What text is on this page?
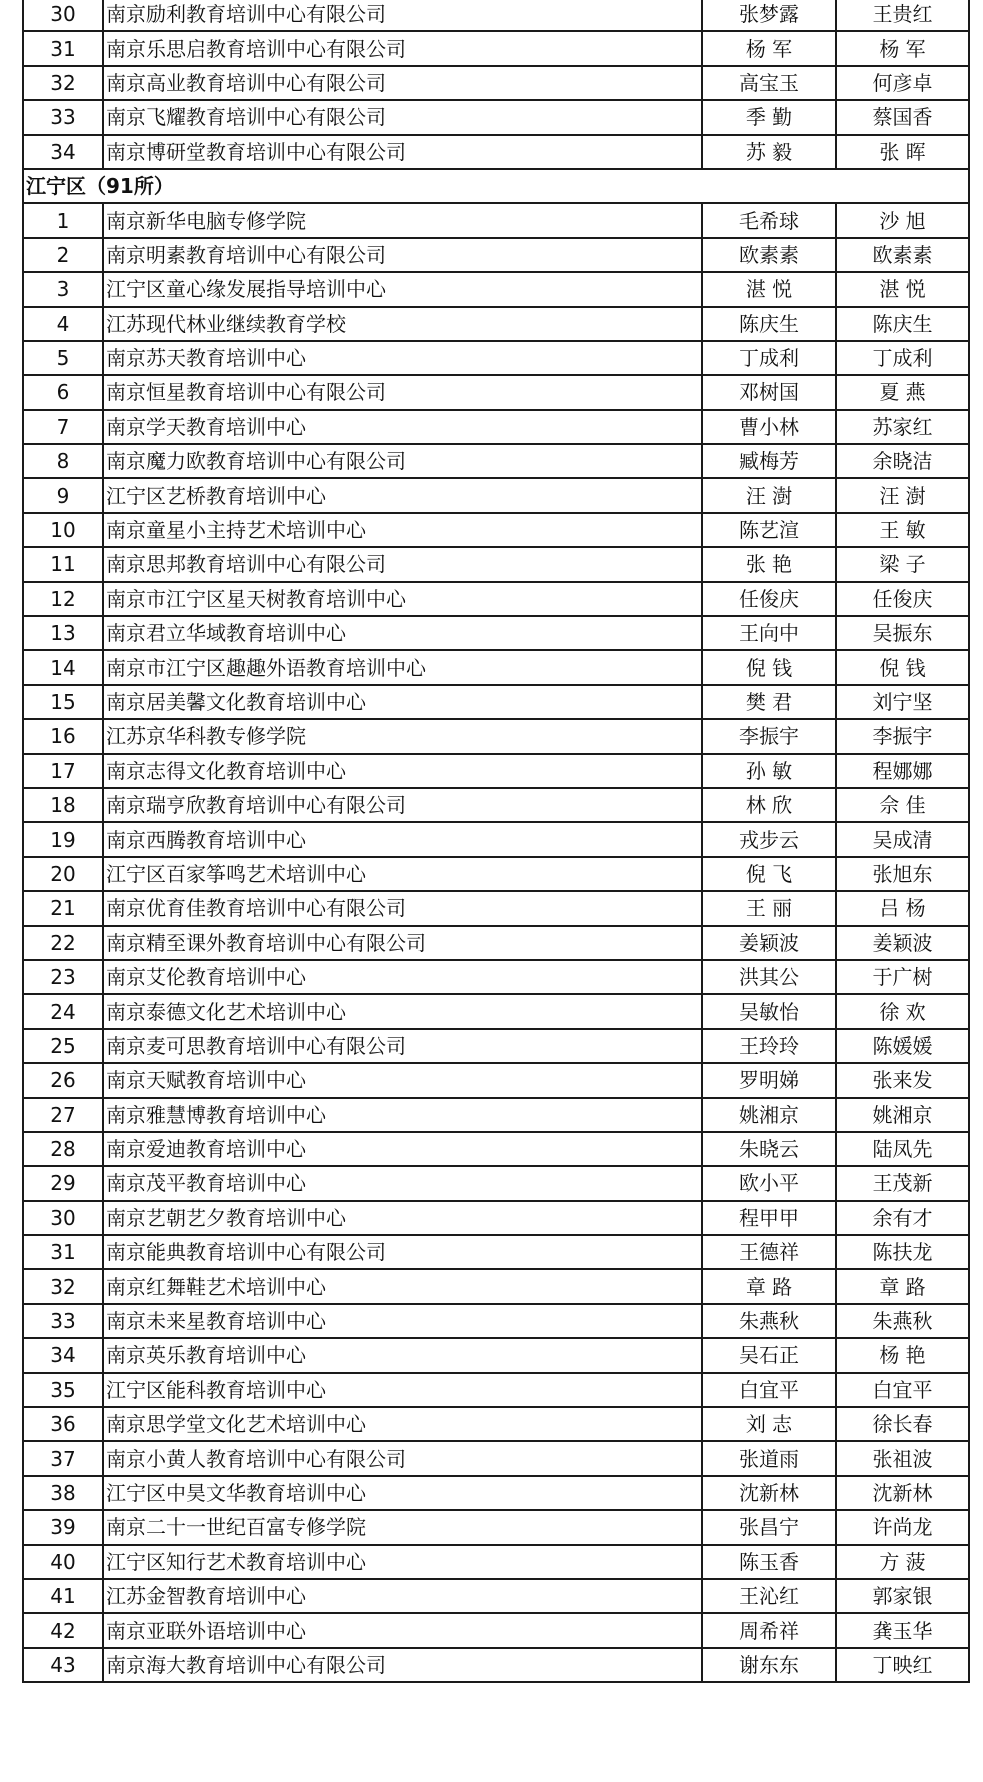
30	南京励利教育培训中心有限公司	张梦露	王贵红
31	南京乐思启教育培训中心有限公司	杨 军	杨 军
32	南京高业教育培训中心有限公司	高宝玉	何彦卓
33	南京飞耀教育培训中心有限公司	季 勤	蔡国香
34	南京博研堂教育培训中心有限公司	苏 毅	张 晖
江宁区（91所）			
1	南京新华电脑专修学院	毛希球	沙 旭
2	南京明素教育培训中心有限公司	欧素素	欧素素
3	江宁区童心缘发展指导培训中心	湛 悦	湛 悦
4	江苏现代林业继续教育学校	陈庆生	陈庆生
5	南京苏天教育培训中心	丁成利	丁成利
6	南京恒星教育培训中心有限公司	邓树国	夏 燕
7	南京学天教育培训中心	曹小林	苏家红
8	南京魔力欧教育培训中心有限公司	臧梅芳	余晓洁
9	江宁区艺桥教育培训中心	汪 澍	汪 澍
10	南京童星小主持艺术培训中心	陈艺渲	王 敏
11	南京思邦教育培训中心有限公司	张 艳	梁 子
12	南京市江宁区星天树教育培训中心	任俊庆	任俊庆
13	南京君立华域教育培训中心	王向中	吴振东
14	南京市江宁区趣趣外语教育培训中心	倪 钱	倪 钱
15	南京居美馨文化教育培训中心	樊 君	刘宁坚
16	江苏京华科教专修学院	李振宇	李振宇
17	南京志得文化教育培训中心	孙 敏	程娜娜
18	南京瑞亨欣教育培训中心有限公司	林 欣	佘 佳
19	南京西腾教育培训中心	戎步云	吴成清
20	江宁区百家筝鸣艺术培训中心	倪 飞	张旭东
21	南京优育佳教育培训中心有限公司	王 丽	吕 杨
22	南京精至课外教育培训中心有限公司	姜颖波	姜颖波
23	南京艾伦教育培训中心	洪其公	于广树
24	南京泰德文化艺术培训中心	吴敏怡	徐 欢
25	南京麦可思教育培训中心有限公司	王玲玲	陈媛媛
26	南京天赋教育培训中心	罗明娣	张来发
27	南京雅慧博教育培训中心	姚湘京	姚湘京
28	南京爱迪教育培训中心	朱晓云	陆凤先
29	南京茂平教育培训中心	欧小平	王茂新
30	南京艺朝艺夕教育培训中心	程甲甲	余有才
31	南京能典教育培训中心有限公司	王德祥	陈扶龙
32	南京红舞鞋艺术培训中心	章 路	章 路
33	南京未来星教育培训中心	朱燕秋	朱燕秋
34	南京英乐教育培训中心	吴石正	杨 艳
35	江宁区能科教育培训中心	白宜平	白宜平
36	南京思学堂文化艺术培训中心	刘 志	徐长春
37	南京小黄人教育培训中心有限公司	张道雨	张祖波
38	江宁区中昊文华教育培训中心	沈新林	沈新林
39	南京二十一世纪百富专修学院	张昌宁	许尚龙
40	江宁区知行艺术教育培训中心	陈玉香	方 菠
41	江苏金智教育培训中心	王沁红	郭家银
42	南京亚联外语培训中心	周希祥	龚玉华
43	南京海大教育培训中心有限公司	谢东东	丁映红
